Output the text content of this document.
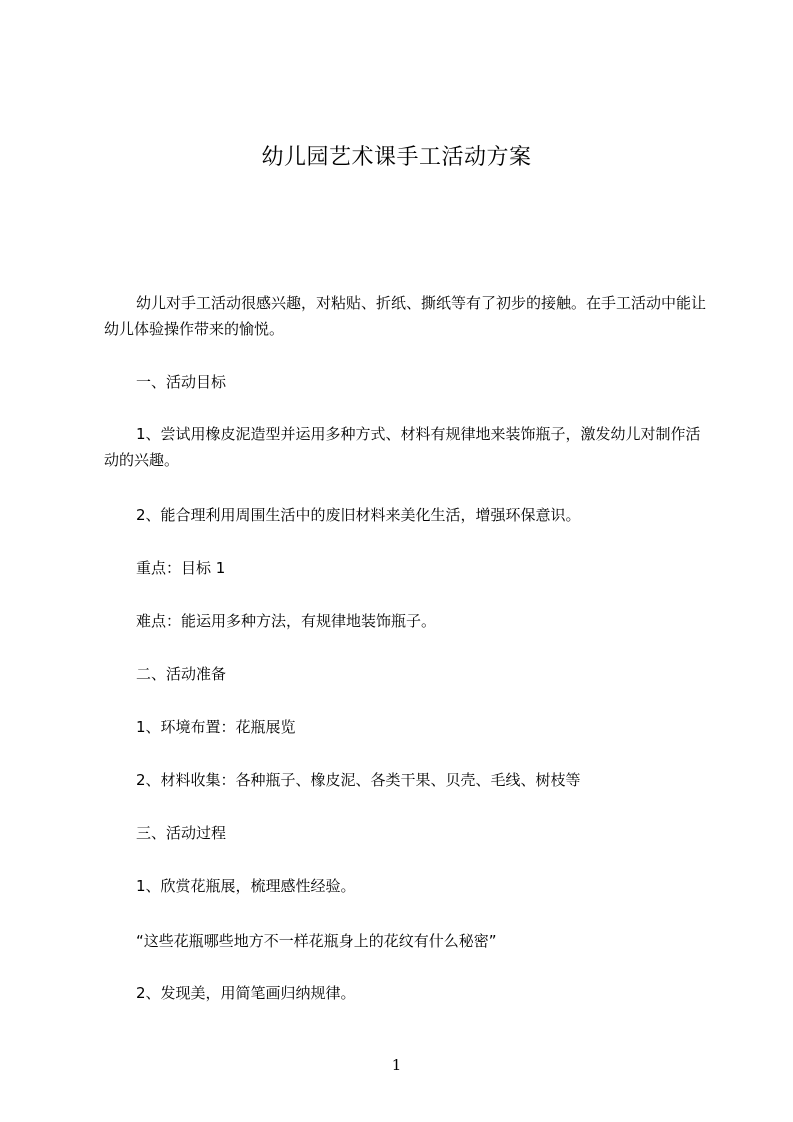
幼儿园艺术课手工活动方案

幼儿对手工活动很感兴趣，对粘贴、折纸、撕纸等有了初步的接触。在手工活动中能让幼儿体验操作带来的愉悦。

一、活动目标

1、尝试用橡皮泥造型并运用多种方式、材料有规律地来装饰瓶子，激发幼儿对制作活动的兴趣。

2、能合理利用周围生活中的废旧材料来美化生活，增强环保意识。

重点：目标 1

难点：能运用多种方法，有规律地装饰瓶子。

二、活动准备

1、环境布置：花瓶展览

2、材料收集：各种瓶子、橡皮泥、各类干果、贝壳、毛线、树枝等

三、活动过程

1、欣赏花瓶展，梳理感性经验。

“这些花瓶哪些地方不一样花瓶身上的花纹有什么秘密”

2、发现美，用简笔画归纳规律。

1
